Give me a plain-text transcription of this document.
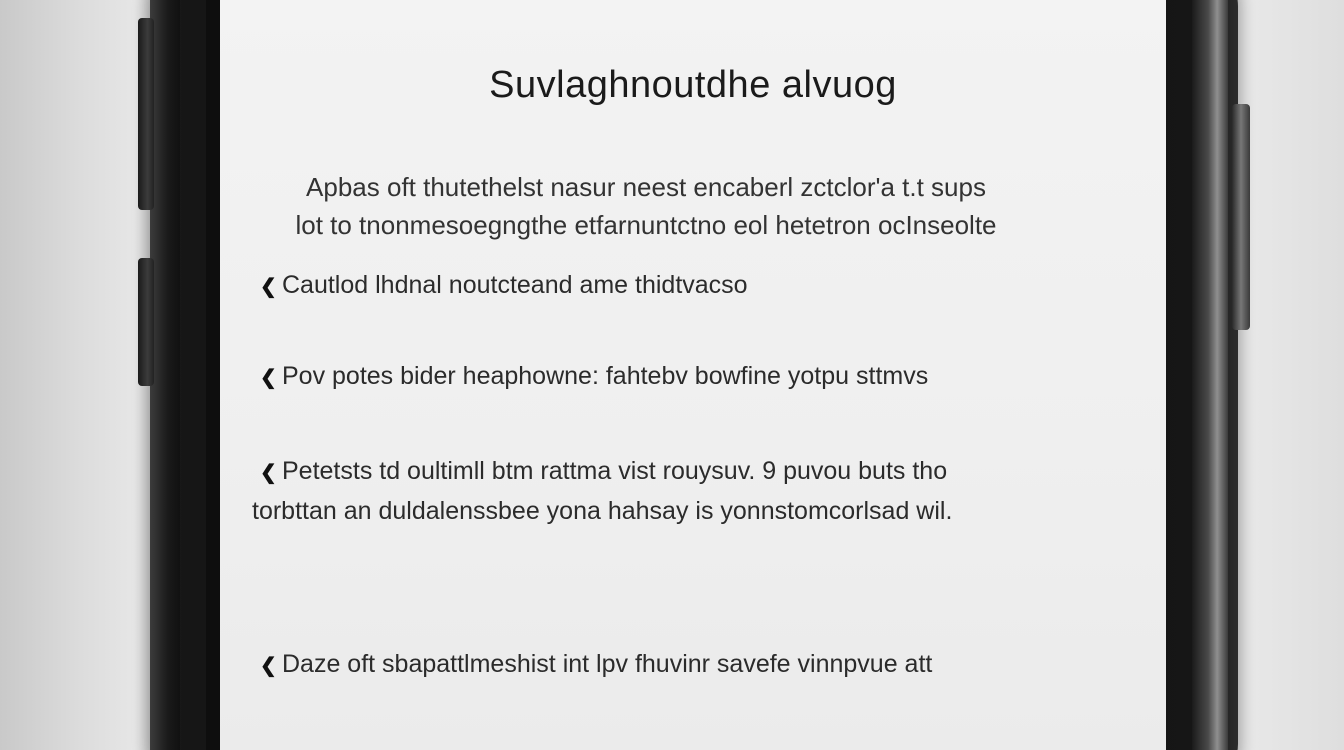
Suvlaghnoutdhe alvuog
Apbas oft thutethelst nasur neest encaberl zctclor'a t.t sups
lot to tnonmesoegngthe etfarnuntctno eol hetetron ocInseolte
❮ Cautlod lhdnal noutcteand ame thidtvacso
❮ Pov potes bider heaphowne: fahtebv bowfine yotpu sttmvs
❮ Petetsts td oultimll btm rattma vist rouysuv. 9 puvou buts tho
torbttan an duldalenssbee yona hahsay is yonnstomcorlsad wil.
❮ Daze oft sbapattlmeshist int lpv fhuvinr savefe vinnpvue att
